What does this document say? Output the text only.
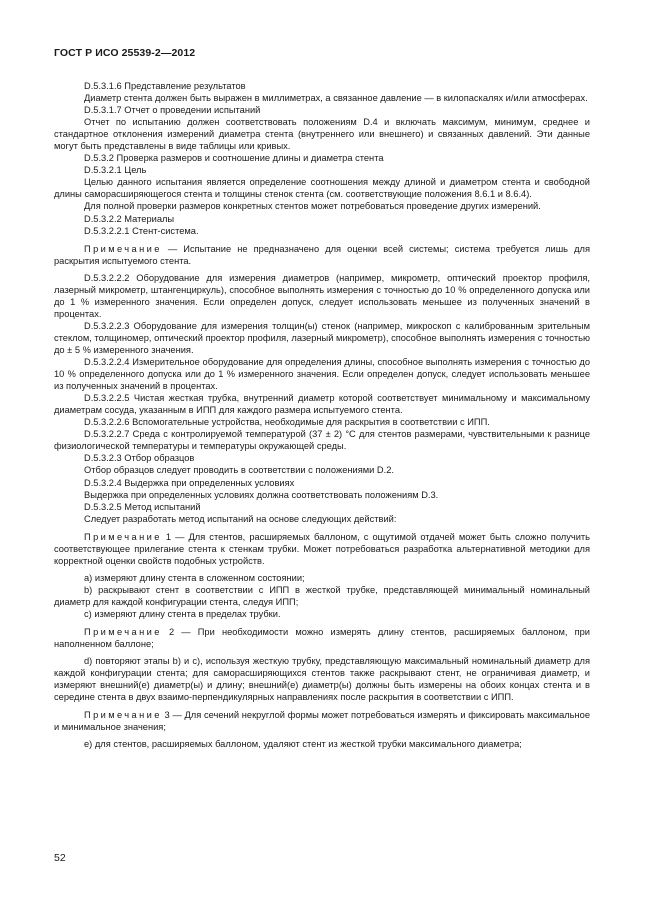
ГОСТ Р ИСО 25539-2—2012

D.5.3.1.6 Представление результатов

Диаметр стента должен быть выражен в миллиметрах, а связанное давление — в килопаскалях и/или атмосферах.

D.5.3.1.7 Отчет о проведении испытаний

Отчет по испытанию должен соответствовать положениям D.4 и включать максимум, минимум, среднее и стандартное отклонения измерений диаметра стента (внутреннего или внешнего) и связанных давлений. Эти данные могут быть представлены в виде таблицы или кривых.

D.5.3.2 Проверка размеров и соотношение длины и диаметра стента

D.5.3.2.1 Цель

Целью данного испытания является определение соотношения между длиной и диаметром стента и свободной длины саморасширяющегося стента и толщины стенок стента (см. соответствующие положения 8.6.1 и 8.6.4).

Для полной проверки размеров конкретных стентов может потребоваться проведение других измерений.

D.5.3.2.2 Материалы

D.5.3.2.2.1 Стент-система.

Примечание — Испытание не предназначено для оценки всей системы; система требуется лишь для раскрытия испытуемого стента.

D.5.3.2.2.2 Оборудование для измерения диаметров (например, микрометр, оптический проектор профиля, лазерный микрометр, штангенциркуль), способное выполнять измерения с точностью до 10 % определенного допуска или до 1 % измеренного значения. Если определен допуск, следует использовать меньшее из полученных значений в процентах.

D.5.3.2.2.3 Оборудование для измерения толщин(ы) стенок (например, микроскоп с калиброванным зрительным стеклом, толщиномер, оптический проектор профиля, лазерный микрометр), способное выполнять измерения с точностью до ± 5 % измеренного значения.

D.5.3.2.2.4 Измерительное оборудование для определения длины, способное выполнять измерения с точностью до 10 % определенного допуска или до 1 % измеренного значения. Если определен допуск, следует использовать меньшее из полученных значений в процентах.

D.5.3.2.2.5 Чистая жесткая трубка, внутренний диаметр которой соответствует минимальному и максимальному диаметрам сосуда, указанным в ИПП для каждого размера испытуемого стента.

D.5.3.2.2.6 Вспомогательные устройства, необходимые для раскрытия в соответствии с ИПП.

D.5.3.2.2.7 Среда с контролируемой температурой (37 ± 2) °С для стентов размерами, чувствительными к разнице физиологической температуры и температуры окружающей среды.

D.5.3.2.3 Отбор образцов

Отбор образцов следует проводить в соответствии с положениями D.2.

D.5.3.2.4 Выдержка при определенных условиях

Выдержка при определенных условиях должна соответствовать положениям D.3.

D.5.3.2.5 Метод испытаний

Следует разработать метод испытаний на основе следующих действий:

Примечание 1 — Для стентов, расширяемых баллоном, с ощутимой отдачей может быть сложно получить соответствующее прилегание стента к стенкам трубки. Может потребоваться разработка альтернативной методики для корректной оценки свойств подобных устройств.

a) измеряют длину стента в сложенном состоянии;

b) раскрывают стент в соответствии с ИПП в жесткой трубке, представляющей минимальный номинальный диаметр для каждой конфигурации стента, следуя ИПП;

c) измеряют длину стента в пределах трубки.

Примечание 2 — При необходимости можно измерять длину стентов, расширяемых баллоном, при наполненном баллоне;

d) повторяют этапы b) и c), используя жесткую трубку, представляющую максимальный номинальный диаметр для каждой конфигурации стента; для саморасширяющихся стентов также раскрывают стент, не ограничивая диаметр, и измеряют внешний(е) диаметр(ы) и длину; внешний(е) диаметр(ы) должны быть измерены на обоих концах стента и в середине стента в двух взаимо-перпендикулярных направлениях после раскрытия в соответствии с ИПП.

Примечание 3 — Для сечений некруглой формы может потребоваться измерять и фиксировать максимальное и минимальное значения;

e) для стентов, расширяемых баллоном, удаляют стент из жесткой трубки максимального диаметра;

52
